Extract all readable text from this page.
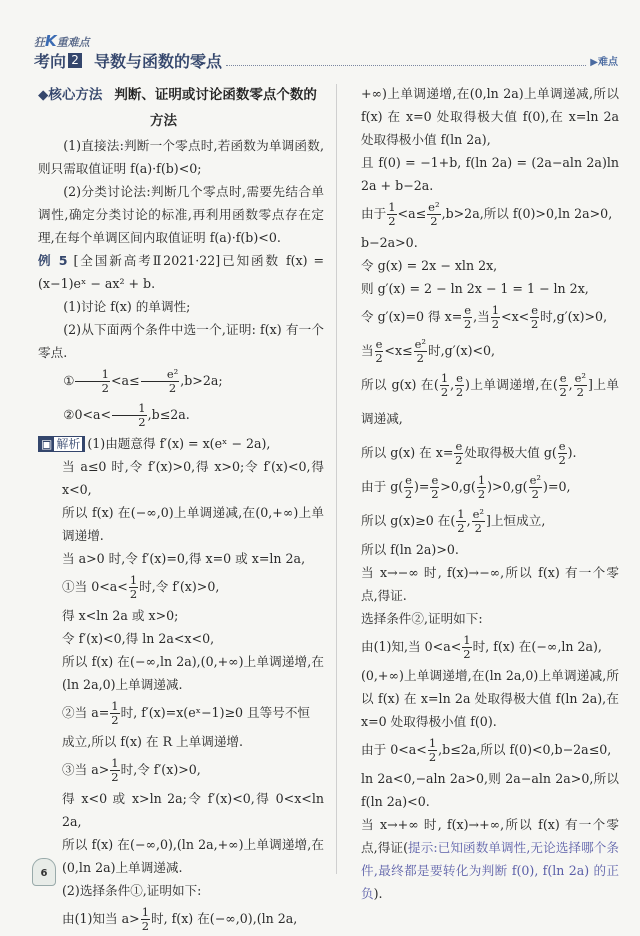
狂K重难点
考向 2 导数与函数的零点	▶难点
◆核心方法 判断、证明或讨论函数零点个数的
方法
(1)直接法:判断一个零点时,若函数为单调函数,则只需取值证明 f(a)·f(b)<0;
(2)分类讨论法:判断几个零点时,需要先结合单调性,确定分类讨论的标准,再利用函数零点存在定理,在每个单调区间内取值证明 f(a)·f(b)<0.
例 5 [全国新高考Ⅱ2021·22]已知函数 f(x) = (x−1)eˣ − ax² + b.
(1)讨论 f(x) 的单调性;
(2)从下面两个条件中选一个,证明: f(x) 有一个零点.
① $\frac{1}{2} <a\le \frac{\text{e²}}{2} ,b>2a$;
②0<a< $\frac{1}{2} ,b\le 2a$.
▣ 解析 (1)由题意得 f′(x) = x(eˣ − 2a),
当 a≤0 时,令 f′(x)>0,得 x>0;令 f′(x)<0,得 x<0,
所以 f(x) 在(−∞,0)上单调递减,在(0,+∞)上单调递增.
当 a>0 时,令 f′(x)=0,得 x=0 或 x=ln 2a,
①当 $0<a< \frac{1}{2}$ 时,令 f′(x)>0,
得 x<ln 2a 或 x>0;
令 f′(x)<0,得 ln 2a<x<0,
所以 f(x) 在(−∞,ln 2a),(0,+∞)上单调递增,在(ln 2a,0)上单调递减.
②当 $a= \frac{1}{2}$ 时, f′(x)=x(eˣ−1)≥0 且等号不恒
成立,所以 f(x) 在 R 上单调递增.
③当 $a> \frac{1}{2}$ 时,令 f′(x)>0,
得 x<0 或 x>ln 2a;令 f′(x)<0,得 0<x<ln 2a,
所以 f(x) 在(−∞,0),(ln 2a,+∞)上单调递增,在(0,ln 2a)上单调递减.
(2)选择条件①,证明如下:
由(1)知当 $a> \frac{1}{2}$ 时, f(x) 在(−∞,0),(ln 2a,
+∞)上单调递增,在(0,ln 2a)上单调递减,所以 f(x) 在 x=0 处取得极大值 f(0),在 x=ln 2a 处取得极小值 f(ln 2a),
且 f(0) = −1+b, f(ln 2a) = (2a−aln 2a)ln 2a + b−2a.
由于 $\frac{1}{2} <a\le \frac{\text{e²}}{2} ,b>2a$,所以 f(0)>0,ln 2a>0,
b−2a>0.
令 g(x) = 2x − xln 2x,
则 g′(x) = 2 − ln 2x − 1 = 1 − ln 2x,
令 g′(x)=0 得 $x= \frac{e}{2}$ ,当 $\frac{1}{2} <x< \frac{e}{2}$ 时,g′(x)>0,
当 $\frac{e}{2} <x\le \frac{\text{e²}}{2}$ 时,g′(x)<0,
所以 g(x) 在( $\frac{1}{2}$ , $\frac{e}{2}$ )上单调递增,在( $\frac{e}{2}$ , $\frac{\text{e²}}{2}$ ]上单调递减,
所以 g(x) 在 $x= \frac{e}{2}$ 处取得极大值 $g( \frac{e}{2}$ ).
由于 $g( \frac{e}{2}$ )= $\frac{e}{2} >0,g( \frac{1}{2} )>0,g( \frac{\text{e²}}{2} )=0$,
所以 g(x)≥0 在( $\frac{1}{2}$ , $\frac{\text{e²}}{2}$ ]上恒成立,
所以 f(ln 2a)>0.
当 x→−∞ 时, f(x)→−∞,所以 f(x) 有一个零点,得证.
选择条件②,证明如下:
由(1)知,当 $0<a< \frac{1}{2}$ 时, f(x) 在(−∞,ln 2a),
(0,+∞)上单调递增,在(ln 2a,0)上单调递减,所以 f(x) 在 x=ln 2a 处取得极大值 f(ln 2a),在 x=0 处取得极小值 f(0).
由于 $0<a< \frac{1}{2} ,b\le 2a$,所以 f(0)<0,b−2a≤0,
ln 2a<0,−aln 2a>0,则 2a−aln 2a>0,所以 f(ln 2a)<0.
当 x→+∞ 时, f(x)→+∞,所以 f(x) 有一个零点,得证(提示:已知函数单调性,无论选择哪个条件,最终都是要转化为判断 f(0), f(ln 2a) 的正负).
6
